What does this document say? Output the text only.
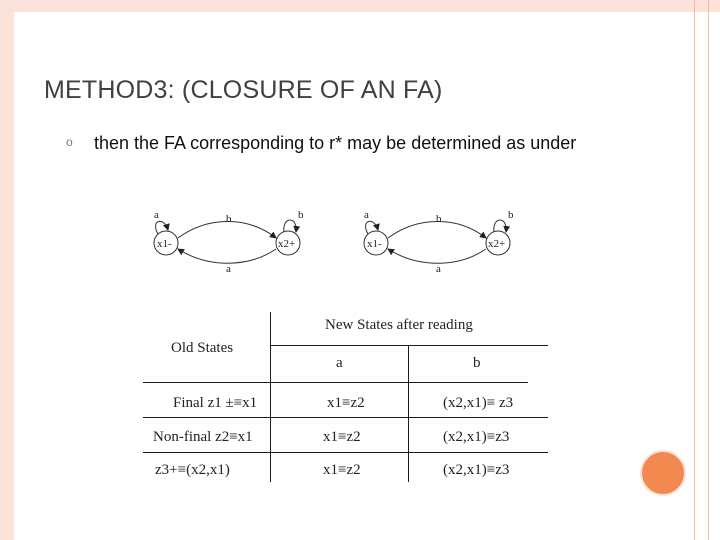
METHOD3: (CLOSURE OF AN FA)
o then the FA corresponding to r* may be determined as under
a	b
b
a
x1-	x2+
a	b
b
a
x1-	x2+
Old States
New States after reading
a	b
Final z1 ±≡x1	x1≡z2	(x2,x1)≡ z3
Non-final z2≡x1	x1≡z2	(x2,x1)≡z3
z3+≡(x2,x1)	x1≡z2	(x2,x1)≡z3
